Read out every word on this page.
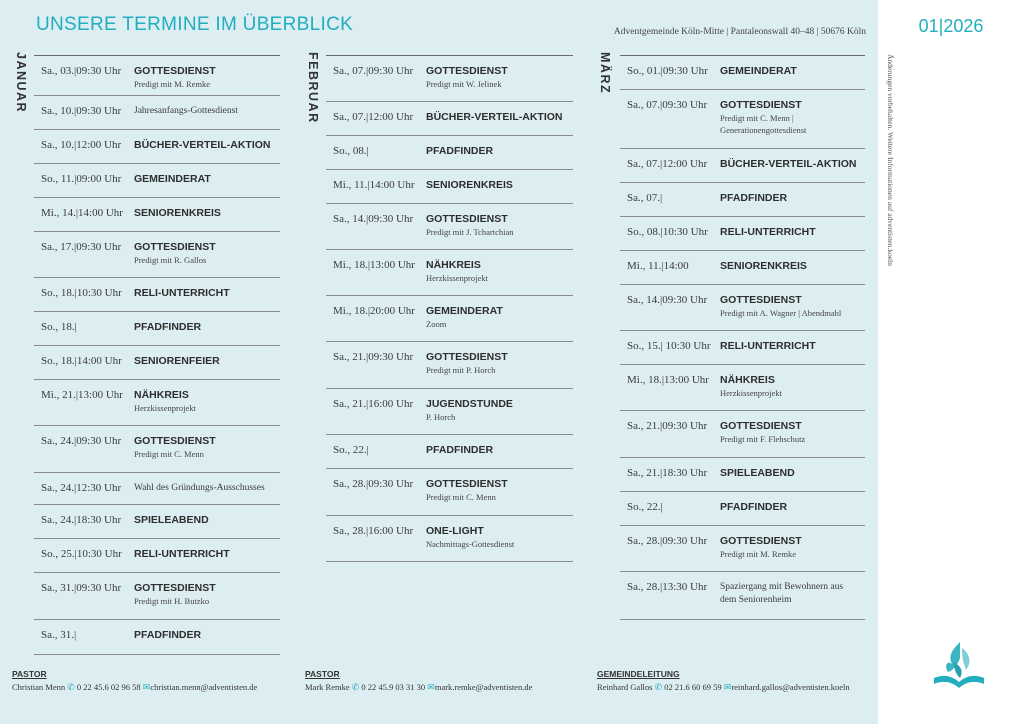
UNSERE TERMINE IM ÜBERBLICK	Adventgemeinde Köln-Mitte | Pantaleonswall 40–48 | 50676 Köln
JANUAR Sa., 03.|09:30 Uhr GOTTESDIENST
Predigt mit M. Remke
Sa., 10.|09:30 Uhr Jahresanfangs-Gottesdienst
Sa., 10.|12:00 Uhr BÜCHER-VERTEIL-AKTION
So., 11.|09:00 Uhr GEMEINDERAT
Mi., 14.|14:00 Uhr SENIORENKREIS
Sa., 17.|09:30 Uhr GOTTESDIENST
Predigt mit R. Gallos
So., 18.|10:30 Uhr RELI-UNTERRICHT
So., 18.|	PFADFINDER
So., 18.|14:00 Uhr SENIORENFEIER
Mi., 21.|13:00 Uhr NÄHKREIS
Herzkissenprojekt
Sa., 24.|09:30 Uhr GOTTESDIENST
Predigt mit C. Menn
Sa., 24.|12:30 Uhr Wahl des Gründungs-Ausschusses
Sa., 24.|18:30 Uhr SPIELEABEND
So., 25.|10:30 Uhr RELI-UNTERRICHT
Sa., 31.|09:30 Uhr GOTTESDIENST
Predigt mit H. Butzko
Sa., 31.|	PFADFINDER
FEBRUAR Sa., 07.|09:30 Uhr GOTTESDIENST
Predigt mit W. Jelinek
Sa., 07.|12:00 Uhr BÜCHER-VERTEIL-AKTION
So., 08.|	PFADFINDER
Mi., 11.|14:00 Uhr SENIORENKREIS
Sa., 14.|09:30 Uhr GOTTESDIENST
Predigt mit J. Tchartchian
Mi., 18.|13:00 Uhr NÄHKREIS
Herzkissenprojekt
Mi., 18.|20:00 Uhr GEMEINDERAT
Zoom
Sa., 21.|09:30 Uhr GOTTESDIENST
Predigt mit P. Horch
Sa., 21.|16:00 Uhr JUGENDSTUNDE
P. Horch
So., 22.|	PFADFINDER
Sa., 28.|09:30 Uhr GOTTESDIENST
Predigt mit C. Menn
Sa., 28.|16:00 Uhr ONE-LIGHT
Nachmittags-Gottesdienst
MÄRZ So., 01.|09:30 Uhr GEMEINDERAT
Sa., 07.|09:30 Uhr GOTTESDIENST
Predigt mit C. Menn |
Generationengottesdienst
Sa., 07.|12:00 Uhr BÜCHER-VERTEIL-AKTION
Sa., 07.|	PFADFINDER
So., 08.|10:30 Uhr RELI-UNTERRICHT
Mi., 11.|14:00	SENIORENKREIS
Sa., 14.|09:30 Uhr GOTTESDIENST
Predigt mit A. Wagner | Abendmahl
So., 15.| 10:30 Uhr RELI-UNTERRICHT
Mi., 18.|13:00 Uhr NÄHKREIS
Herzkissenprojekt
Sa., 21.|09:30 Uhr GOTTESDIENST
Predigt mit F. Flehschutz
Sa., 21.|18:30 Uhr SPIELEABEND
So., 22.|	PFADFINDER
Sa., 28.|09:30 Uhr GOTTESDIENST
Predigt mit M. Remke
Sa., 28.|13:30 Uhr Spaziergang mit Bewohnern aus
dem Seniorenheim
PASTOR
Christian Menn ✆ 0 22 45.6 02 96 58 ✉christian.menn@adventisten.de
PASTOR
Mark Remke ✆ 0 22 45.9 03 31 30 ✉mark.remke@adventisten.de
GEMEINDELEITUNG
Reinhard Gallos ✆ 02 21.6 60 69 59 ✉reinhard.gallos@adventisten.koeln
01|2026
Änderungen vorbehalten. Weitere Informationen auf adventisten.koeln
